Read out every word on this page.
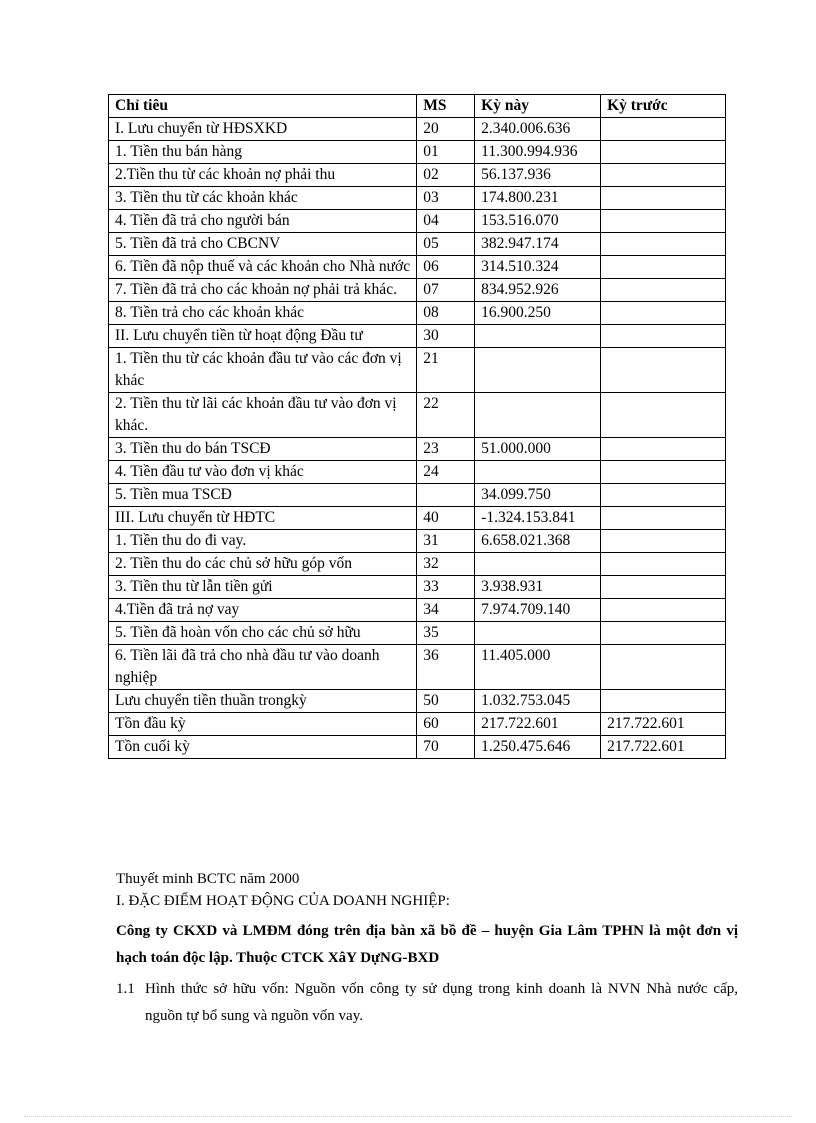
Chỉ tiêu	MS	Kỳ này	Kỳ trước
I. Lưu chuyển từ HĐSXKD	20	2.340.006.636	
1. Tiền thu bán hàng	01	11.300.994.936	
2.Tiền thu từ các khoản nợ phải thu	02	56.137.936	
3. Tiền thu từ các khoản khác	03	174.800.231	
4. Tiền đã trả cho người bán	04	153.516.070	
5. Tiền đã trả cho CBCNV	05	382.947.174	
6. Tiền đã nộp thuế và các khoản cho Nhà nước	06	314.510.324	
7. Tiền đã trả cho các khoản nợ phải trả khác.	07	834.952.926	
8. Tiền trả cho các khoản khác	08	16.900.250	
II. Lưu chuyển tiền từ hoạt động Đầu tư	30		
1. Tiền thu từ các khoản đầu tư vào các đơn vị khác	21		
2. Tiền thu từ lãi các khoản đầu tư vào đơn vị khác.	22		
3. Tiền thu do bán TSCĐ	23	51.000.000	
4. Tiền đầu tư vào đơn vị khác	24		
5. Tiền mua TSCĐ		34.099.750	
III. Lưu chuyển từ HĐTC	40	-1.324.153.841	
1. Tiền thu do đi vay.	31	6.658.021.368	
2. Tiền thu do các chủ sở hữu góp vốn	32		
3. Tiền thu từ lẫn tiền gửi	33	3.938.931	
4.Tiền đã trả nợ vay	34	7.974.709.140	
5. Tiền đã hoàn vốn cho các chủ sở hữu	35		
6. Tiền lãi đã trả cho nhà đầu tư vào doanh nghiệp	36	11.405.000	
Lưu chuyển tiền thuần trongkỳ	50	1.032.753.045	
Tồn đầu kỳ	60	217.722.601	217.722.601
Tồn cuối kỳ	70	1.250.475.646	217.722.601

Thuyết minh BCTC năm 2000

I. ĐẶC ĐIỂM HOẠT ĐỘNG CỦA DOANH NGHIỆP:

Công ty CKXD và LMĐM đóng trên địa bàn xã bồ đề – huyện Gia Lâm TPHN là một đơn vị hạch toán độc lập. Thuộc CTCK XâY DựNG-BXD

1.1 Hình thức sở hữu vốn: Nguồn vốn công ty sử dụng trong kinh doanh là NVN Nhà nước cấp, nguồn tự bổ sung và nguồn vốn vay.
